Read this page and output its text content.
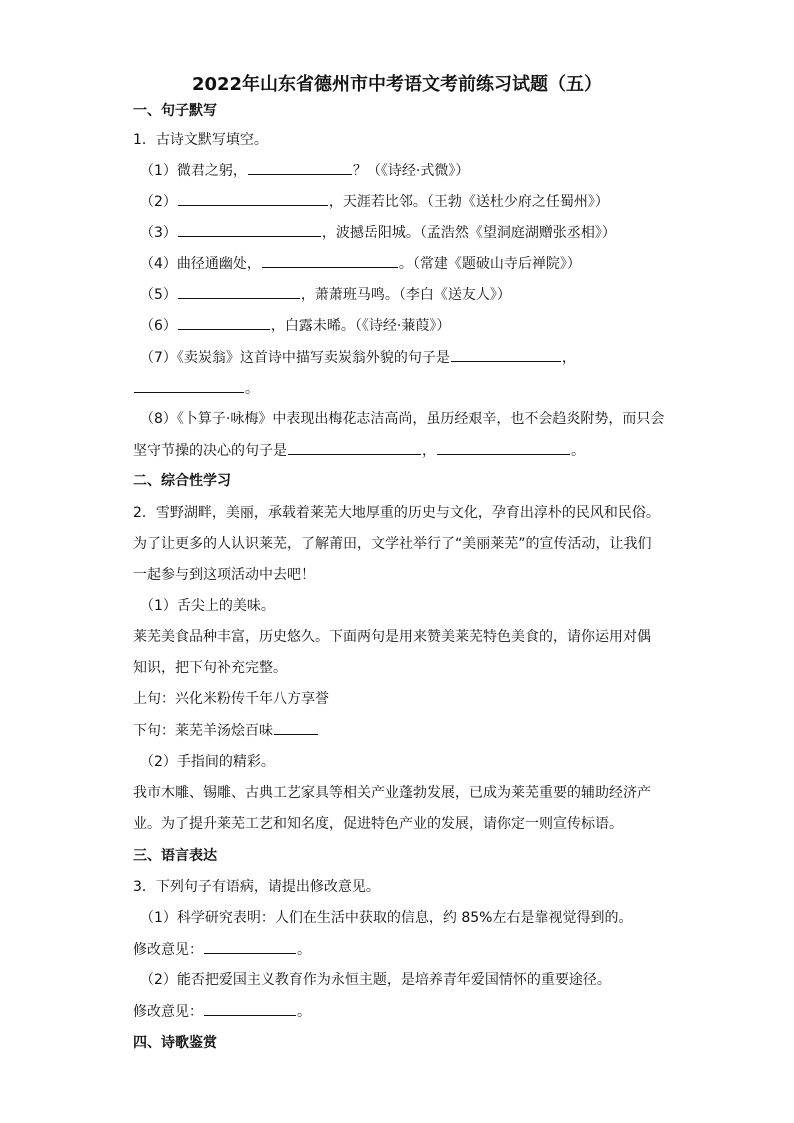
2022年山东省德州市中考语文考前练习试题（五）
一、句子默写
1．古诗文默写填空。
（1）微君之躬，	？（《诗经·式微》）
（2）	，天涯若比邻。（王勃《送杜少府之任蜀州》）
（3）	，波撼岳阳城。（孟浩然《望洞庭湖赠张丞相》）
（4）曲径通幽处，	。（常建《题破山寺后禅院》）
（5）	，萧萧班马鸣。（李白《送友人》）
（6）	，白露未晞。（《诗经·蒹葭》）
（7）《卖炭翁》这首诗中描写卖炭翁外貌的句子是	，
。
（8）《卜算子·咏梅》中表现出梅花志洁高尚，虽历经艰辛，也不会趋炎附势，而只会
坚守节操的决心的句子是	，	。
二、综合性学习
2．雪野湖畔，美丽，承载着莱芜大地厚重的历史与文化，孕育出淳朴的民风和民俗。
为了让更多的人认识莱芜，了解莆田，文学社举行了“美丽莱芜”的宣传活动，让我们
一起参与到这项活动中去吧！
（1）舌尖上的美味。
莱芜美食品种丰富，历史悠久。下面两句是用来赞美莱芜特色美食的，请你运用对偶
知识，把下句补充完整。
上句：兴化米粉传千年八方享誉
下句：莱芜羊汤烩百味
（2）手指间的精彩。
我市木雕、锡雕、古典工艺家具等相关产业蓬勃发展，已成为莱芜重要的辅助经济产
业。为了提升莱芜工艺和知名度，促进特色产业的发展，请你定一则宣传标语。
三、语言表达
3．下列句子有语病，请提出修改意见。
（1）科学研究表明：人们在生活中获取的信息，约 85%左右是靠视觉得到的。
修改意见：	。
（2）能否把爱国主义教育作为永恒主题，是培养青年爱国情怀的重要途径。
修改意见：	。
四、诗歌鉴赏
